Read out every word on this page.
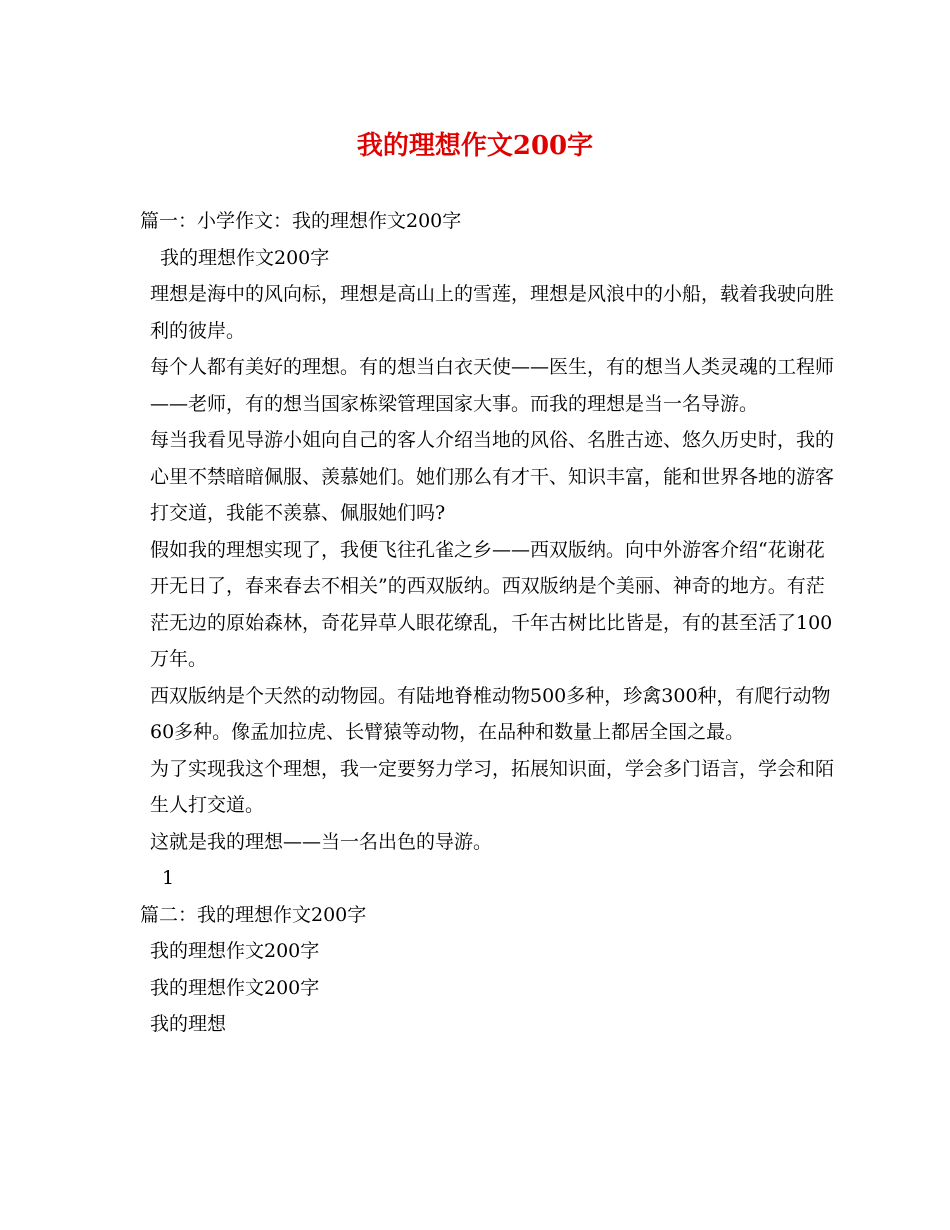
我的理想作文200字

篇一：小学作文：我的理想作文200字

我的理想作文200字

理想是海中的风向标，理想是高山上的雪莲，理想是风浪中的小船，载着我驶向胜利的彼岸。

每个人都有美好的理想。有的想当白衣天使——医生，有的想当人类灵魂的工程师——老师，有的想当国家栋梁管理国家大事。而我的理想是当一名导游。

每当我看见导游小姐向自己的客人介绍当地的风俗、名胜古迹、悠久历史时，我的心里不禁暗暗佩服、羡慕她们。她们那么有才干、知识丰富，能和世界各地的游客打交道，我能不羡慕、佩服她们吗?

假如我的理想实现了，我便飞往孔雀之乡——西双版纳。向中外游客介绍“花谢花开无日了，春来春去不相关”的西双版纳。西双版纳是个美丽、神奇的地方。有茫茫无边的原始森林，奇花异草人眼花缭乱，千年古树比比皆是，有的甚至活了100万年。

西双版纳是个天然的动物园。有陆地脊椎动物500多种，珍禽300种，有爬行动物60多种。像孟加拉虎、长臂猿等动物，在品种和数量上都居全国之最。

为了实现我这个理想，我一定要努力学习，拓展知识面，学会多门语言，学会和陌生人打交道。

这就是我的理想——当一名出色的导游。

1

篇二：我的理想作文200字

我的理想作文200字

我的理想作文200字

我的理想
